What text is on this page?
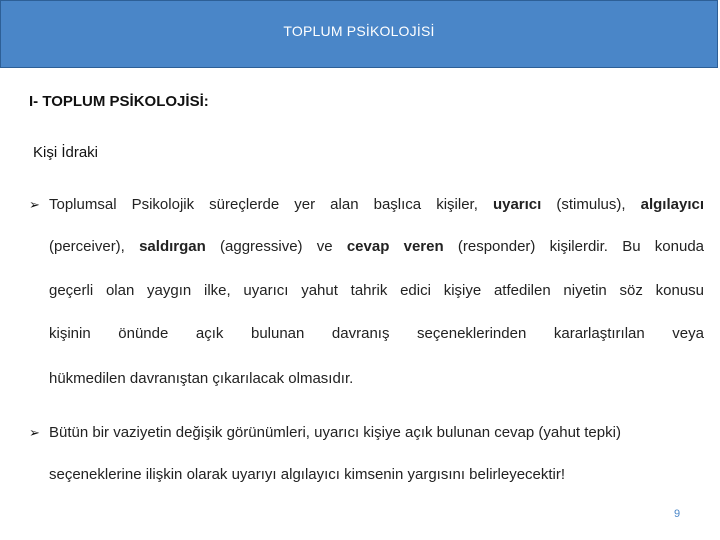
TOPLUM PSİKOLOJİSİ
I- TOPLUM PSİKOLOJİSİ:
Kişi İdraki
➢ Toplumsal Psikolojik süreçlerde yer alan başlıca kişiler, uyarıcı (stimulus), algılayıcı
(perceiver), saldırgan (aggressive) ve cevap veren (responder) kişilerdir. Bu konuda
geçerli olan yaygın ilke, uyarıcı yahut tahrik edici kişiye atfedilen niyetin söz konusu
kişinin önünde açık bulunan davranış seçeneklerinden kararlaştırılan veya
hükmedilen davranıştan çıkarılacak olmasıdır.
➢ Bütün bir vaziyetin değişik görünümleri, uyarıcı kişiye açık bulunan cevap (yahut tepki)
seçeneklerine ilişkin olarak uyarıyı algılayıcı kimsenin yargısını belirleyecektir!
9
